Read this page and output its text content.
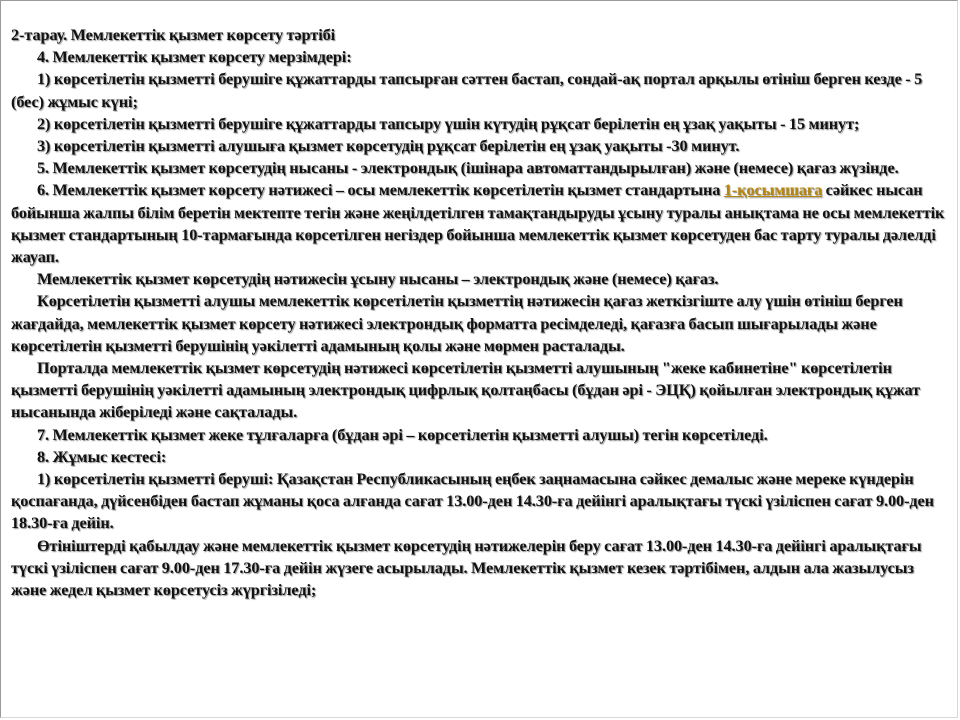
2-тарау. Мемлекеттік қызмет көрсету тәртібі

4. Мемлекеттік қызмет көрсету мерзімдері:

1) көрсетілетін қызметті берушіге құжаттарды тапсырған сәттен бастап, сондай-ақ портал арқылы өтініш берген кезде - 5 (бес) жұмыс күні;

2) көрсетілетін қызметті берушіге құжаттарды тапсыру үшін күтудің рұқсат берілетін ең ұзақ уақыты - 15 минут;

3) көрсетілетін қызметті алушыға қызмет көрсетудің рұқсат берілетін ең ұзақ уақыты -30 минут.

5. Мемлекеттік қызмет көрсетудің нысаны - электрондық (ішінара автоматтандырылған) және (немесе) қағаз жүзінде.

6. Мемлекеттік қызмет көрсету нәтижесі – осы мемлекеттік көрсетілетін қызмет стандартына 1-қосымшаға сәйкес нысан бойынша жалпы білім беретін мектепте тегін және жеңілдетілген тамақтандыруды ұсыну туралы анықтама не осы мемлекеттік қызмет стандартының 10-тармағында көрсетілген негіздер бойынша мемлекеттік қызмет көрсетуден бас тарту туралы дәлелді жауап.

Мемлекеттік қызмет көрсетудің нәтижесін ұсыну нысаны – электрондық және (немесе) қағаз.

Көрсетілетін қызметті алушы мемлекеттік көрсетілетін қызметтің нәтижесін қағаз жеткізгіште алу үшін өтініш берген жағдайда, мемлекеттік қызмет көрсету нәтижесі электрондық форматта ресімделеді, қағазға басып шығарылады және көрсетілетін қызметті берушінің уәкілетті адамының қолы және мөрмен расталады.

Порталда мемлекеттік қызмет көрсетудің нәтижесі көрсетілетін қызметті алушының "жеке кабинетіне" көрсетілетін қызметті берушінің уәкілетті адамының электрондық цифрлық қолтаңбасы (бұдан әрі - ЭЦҚ) қойылған электрондық құжат нысанында жіберіледі және сақталады.

7. Мемлекеттік қызмет жеке тұлғаларға (бұдан әрі – көрсетілетін қызметті алушы) тегін көрсетіледі.

8. Жұмыс кестесі:

1) көрсетілетін қызметті беруші: Қазақстан Республикасының еңбек заңнамасына сәйкес демалыс және мереке күндерін қоспағанда, дүйсенбіден бастап жұманы қоса алғанда сағат 13.00-ден 14.30-ға дейінгі аралықтағы түскі үзіліспен сағат 9.00-ден 18.30-ға дейін.

Өтініштерді қабылдау және мемлекеттік қызмет көрсетудің нәтижелерін беру сағат 13.00-ден 14.30-ға дейінгі аралықтағы түскі үзіліспен сағат 9.00-ден 17.30-ға дейін жүзеге асырылады. Мемлекеттік қызмет кезек тәртібімен, алдын ала жазылусыз және жедел қызмет көрсетусіз жүргізіледі;
